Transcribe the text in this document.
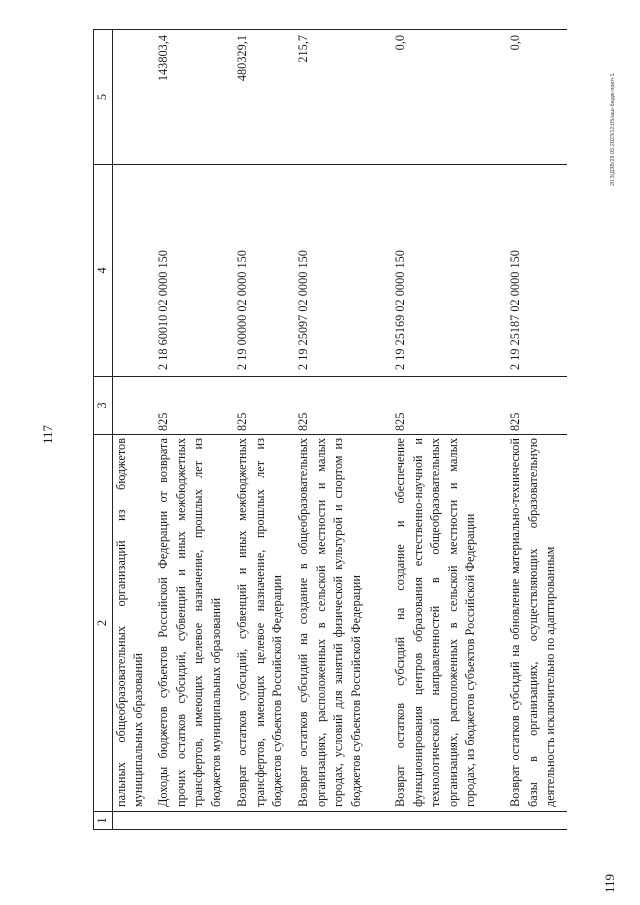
117
119
20.3/ДЗВ/29.05.2023/12:05/шш-бюдж-прил-1
1	2	3	4	5
	пальных общеобразовательных организаций из бюджетов муниципальных образований			
	Доходы бюджетов субъектов Российской Федерации от возврата прочих остатков субсидий, субвенций и иных межбюджетных трансфертов, имеющих целевое назначение, прошлых лет из бюджетов муниципальных образований	825	2 18 60010 02 0000 150	143803,4
	Возврат остатков субсидий, субвенций и иных межбюджетных трансфертов, имеющих целевое назначение, прошлых лет из бюджетов субъектов Российской Федерации	825	2 19 00000 02 0000 150	480329,1
	Возврат остатков субсидий на создание в общеобразовательных организациях, расположенных в сельской местности и малых городах, условий для занятий физической культурой и спортом из бюджетов субъектов Российской Федерации	825	2 19 25097 02 0000 150	215,7
	Возврат остатков субсидий на создание и обеспечение функционирования центров образования естественно-научной и технологической направленностей в общеобразовательных организациях, расположенных в сельской местности и малых городах, из бюджетов субъектов Российской Федерации	825	2 19 25169 02 0000 150	0,0
	Возврат остатков субсидий на обновление материально-технической базы в организациях, осуществляющих образовательную деятельность исключительно по адаптированным	825	2 19 25187 02 0000 150	0,0
